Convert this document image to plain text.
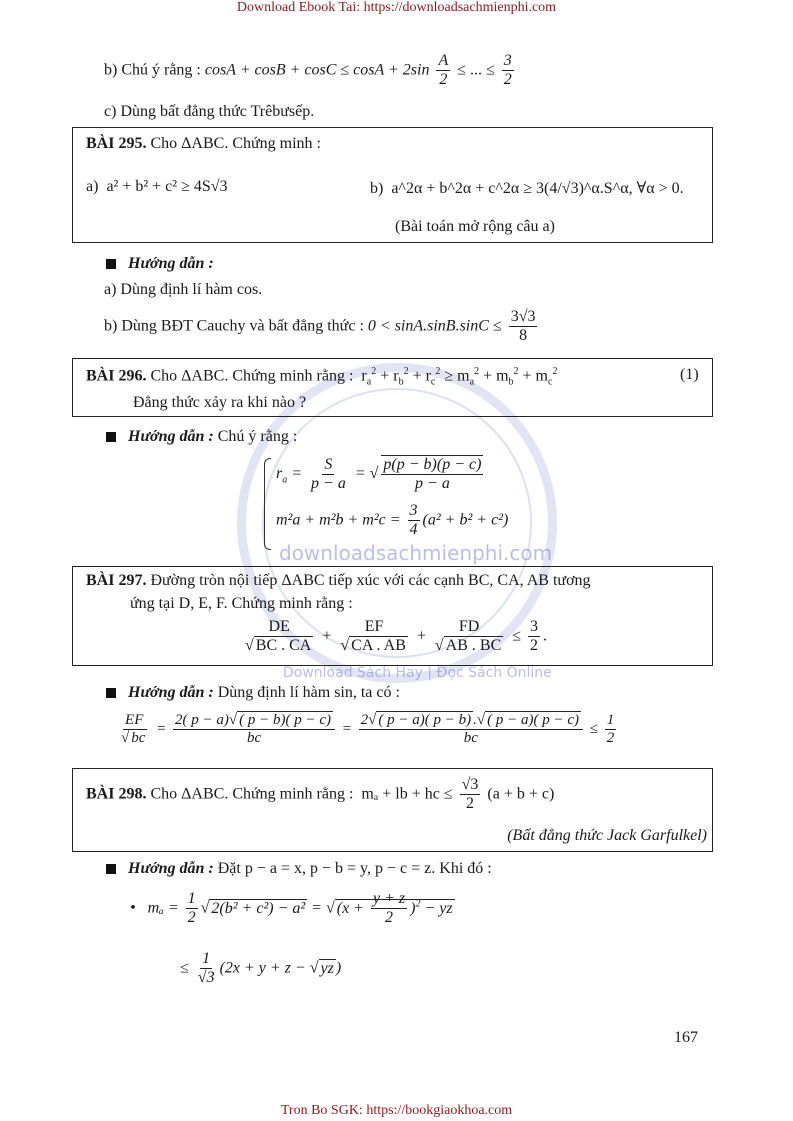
Download Ebook Tai: https://downloadsachmienphi.com
downloadsachmienphi.com
Download Sách Hay | Đọc Sách Online
b) Chú ý rằng : $\cos A + \cos B + \cos C \le \cos A + 2\sin \frac{A}{2}$ ≤ ... ≤ $\frac{3}{2}$
c) Dùng bất đẳng thức Trêbưsếp.
BÀI 295. Cho ΔABC. Chứng minh :
a) a² + b² + c² ≥ 4S√3	b) a^2α + b^2α + c^2α ≥ 3(4/√3)^α.S^α, ∀α > 0.
(Bài toán mở rộng câu a)
Hướng dẫn :
a) Dùng định lí hàm cos.
b) Dùng BĐT Cauchy và bất đẳng thức : $0 < \sin A.\sin B.\sin C \le \frac{3√3}{8}$
BÀI 296. Cho ΔABC. Chứng minh rằng :  $r_a^2 + r_b^2 + r_c^2 \ge m_a^2 + m_b^2 + m_c^2$	(1)
Đẳng thức xảy ra khi nào ?
Hướng dẫn : Chú ý rằng :
$r_a = \frac{S}{p - a}$ = √ $\frac{p(p - b)(p - c)}{p - a}$
$m^2a + m^2b + m^2c = \frac{3}{4} (a^2 + b^2 + c^2)$
BÀI 297. Đường tròn nội tiếp ΔABC tiếp xúc với các cạnh BC, CA, AB tương
ứng tại D, E, F. Chứng minh rằng :
$\frac{DE}{√ BC . CA} + \frac{EF}{√ CA . AB} + \frac{FD}{√ AB . BC} \le \frac{3}{2}$ .
Hướng dẫn : Dùng định lí hàm sin, ta có :
$\frac{EF}{√ bc} = \frac{2( p - a)√ ( p - b)( p - c)}{bc} = \frac{2√ ( p - a)( p - b) .√ ( p - a)( p - c)}{bc} \le \frac{1}{2}$
BÀI 298. Cho ΔABC. Chứng minh rằng : mₐ + lb + hc ≤ $\frac{√3}{2} (a + b + c)$
(Bất đẳng thức Jack Garfulkel)
Hướng dẫn : Đặt p − a = x, p − b = y, p − c = z. Khi đó :
•   $m_a = \frac{1}{2}$ √ 2(b² + c²) − a² = √ $(x + \frac{y + z}{2} )^2$ − yz
≤ $\frac{1}{√3} (2x + y + z$ − √ yz )
167
Tron Bo SGK: https://bookgiaokhoa.com
